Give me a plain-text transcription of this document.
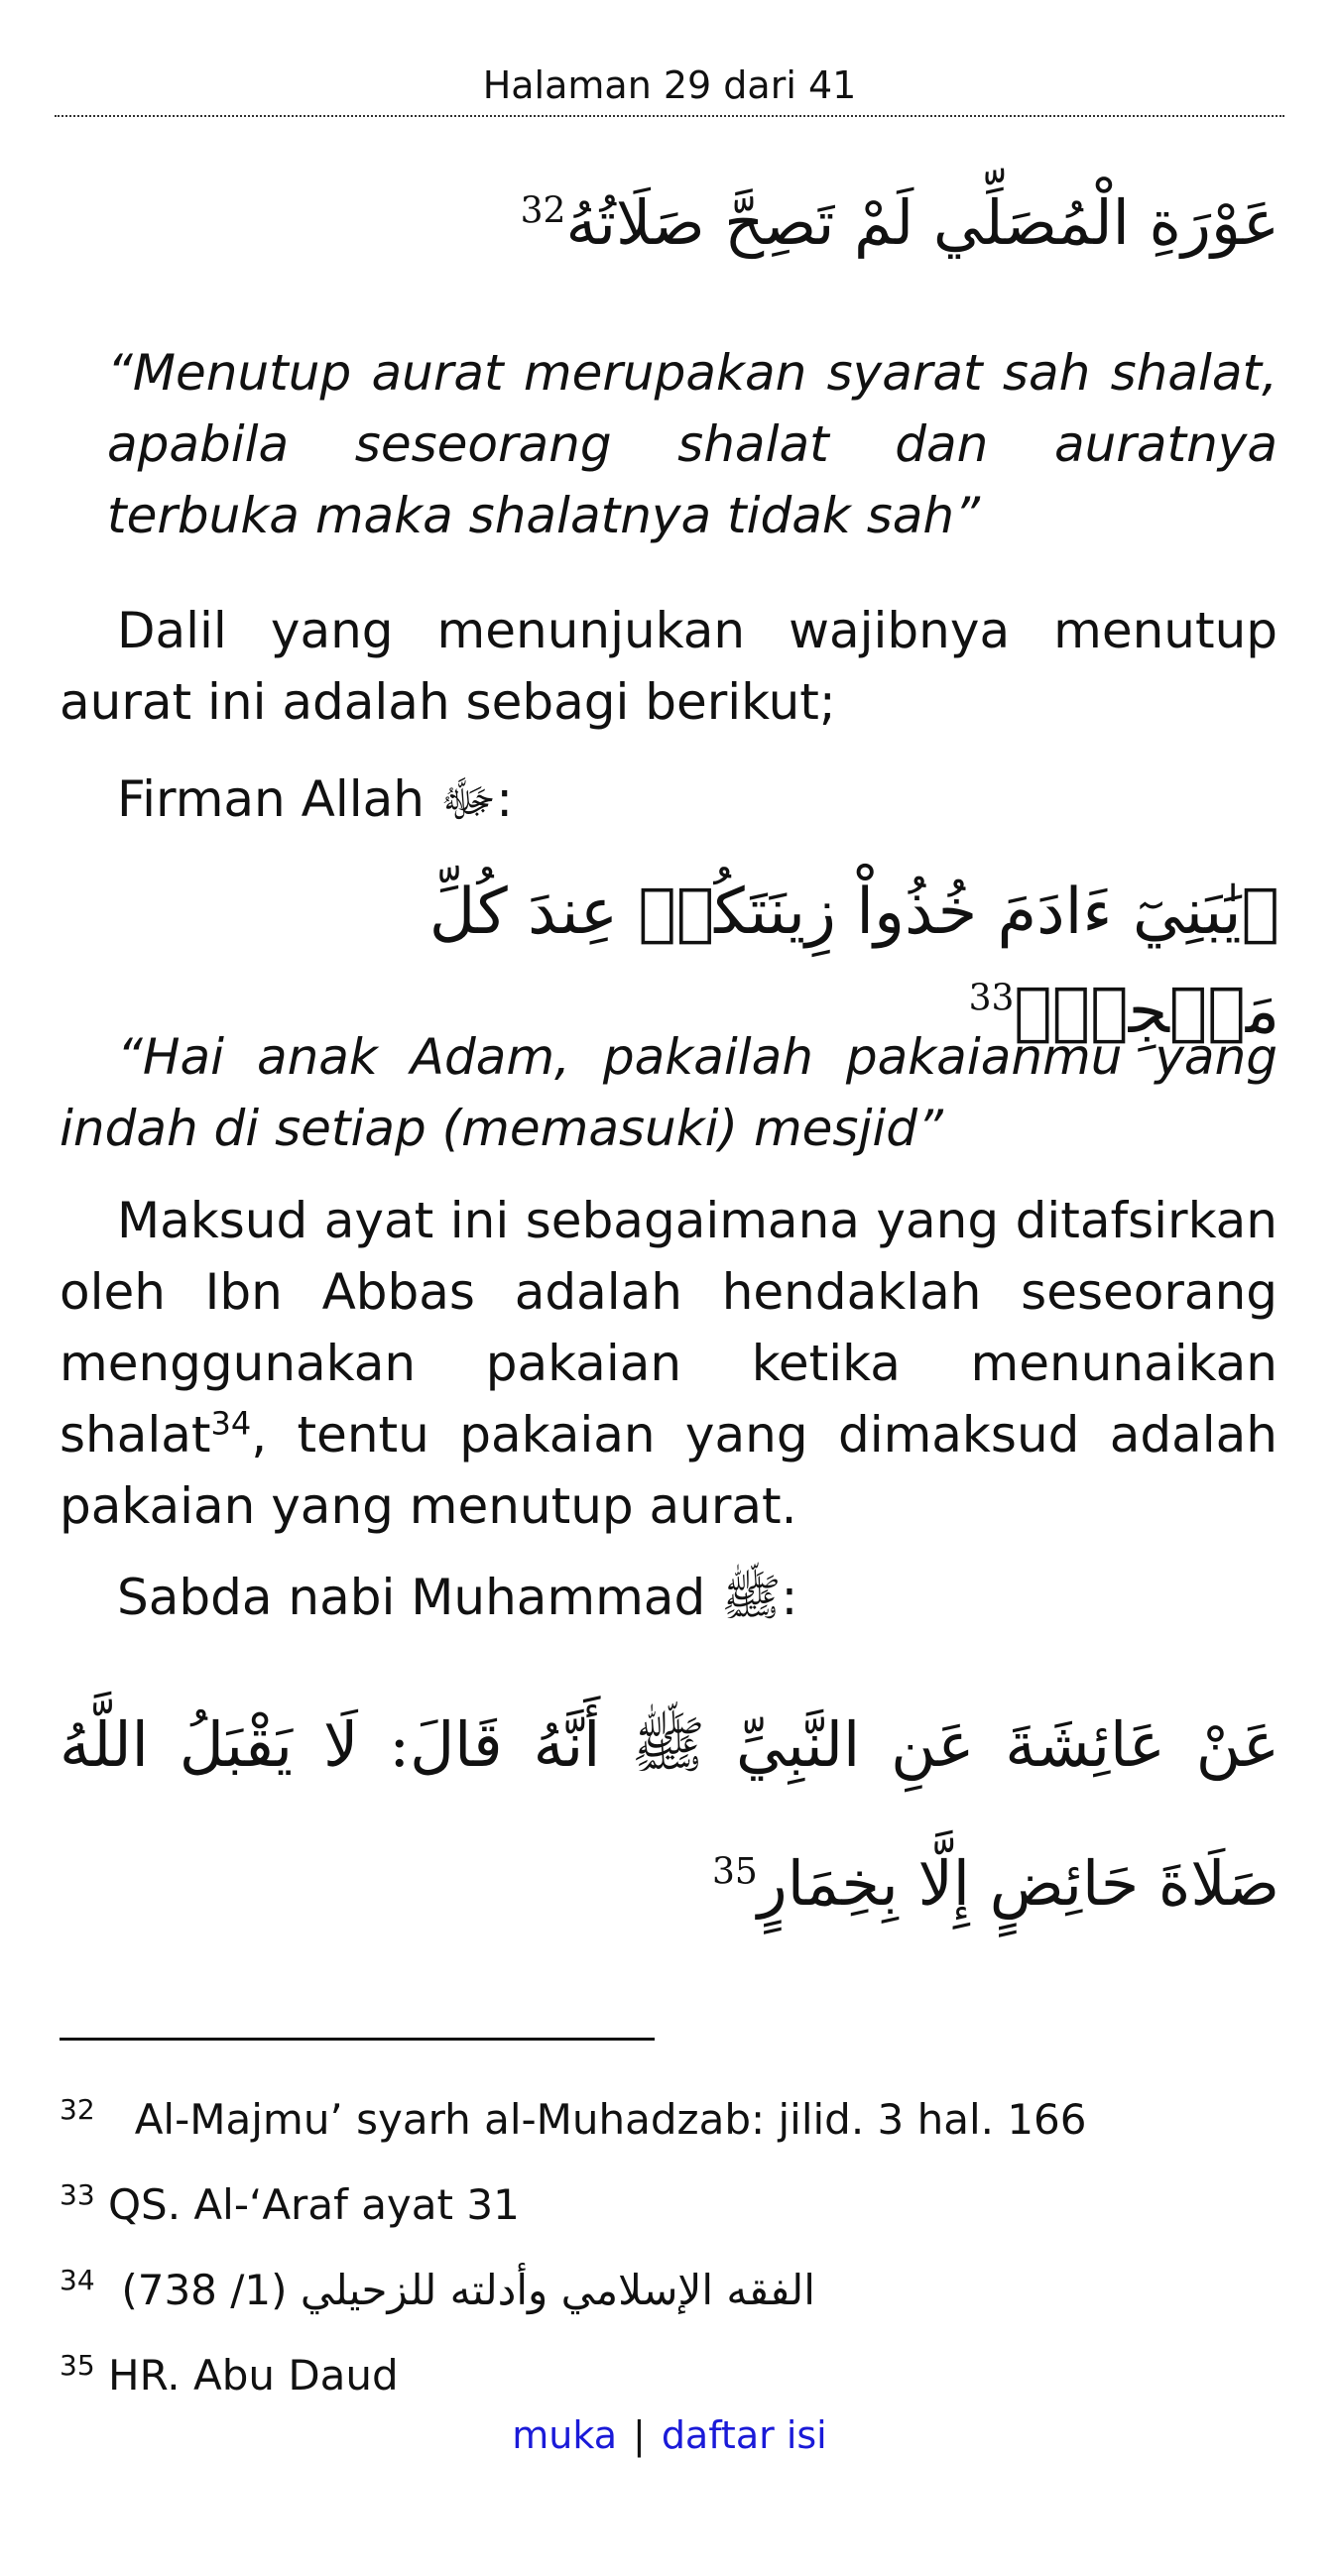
Halaman 29 dari 41
عَوْرَةِ الْمُصَلِّي لَمْ تَصِحَّ صَلَاتُهُ$^{32}$
“Menutup aurat merupakan syarat sah shalat, apabila seseorang shalat dan auratnya terbuka maka shalatnya tidak sah”
Dalil yang menunjukan wajibnya menutup aurat ini adalah sebagi berikut;
Firman Allah ﷻ:
﴿يَٰبَنِيٓ ءَادَمَ خُذُواْ زِينَتَكُمۡ عِندَ كُلِّ مَسۡجِدٖ﴾$^{33}$
“Hai anak Adam, pakailah pakaianmu yang indah di setiap (memasuki) mesjid”
Maksud ayat ini sebagaimana yang ditafsirkan oleh Ibn Abbas adalah hendaklah seseorang menggunakan pakaian ketika menunaikan shalat$^{34}$, tentu pakaian yang dimaksud adalah pakaian yang menutup aurat.
Sabda nabi Muhammad ﷺ:
عَنْ عَائِشَةَ عَنِ النَّبِيِّ ﷺ أَنَّهُ قَالَ: لَا يَقْبَلُ اللَّهُ صَلَاةَ حَائِضٍ إِلَّا بِخِمَارٍ$^{35}$
$^{32}$ Al-Majmu’ syarh al-Muhadzab: jilid. 3 hal. 166
$^{33}$ QS. Al-‘Araf ayat 31
$^{34}$ الفقه الإسلامي وأدلته للزحيلي (1/ 738)
$^{35}$ HR. Abu Daud
muka | daftar isi
